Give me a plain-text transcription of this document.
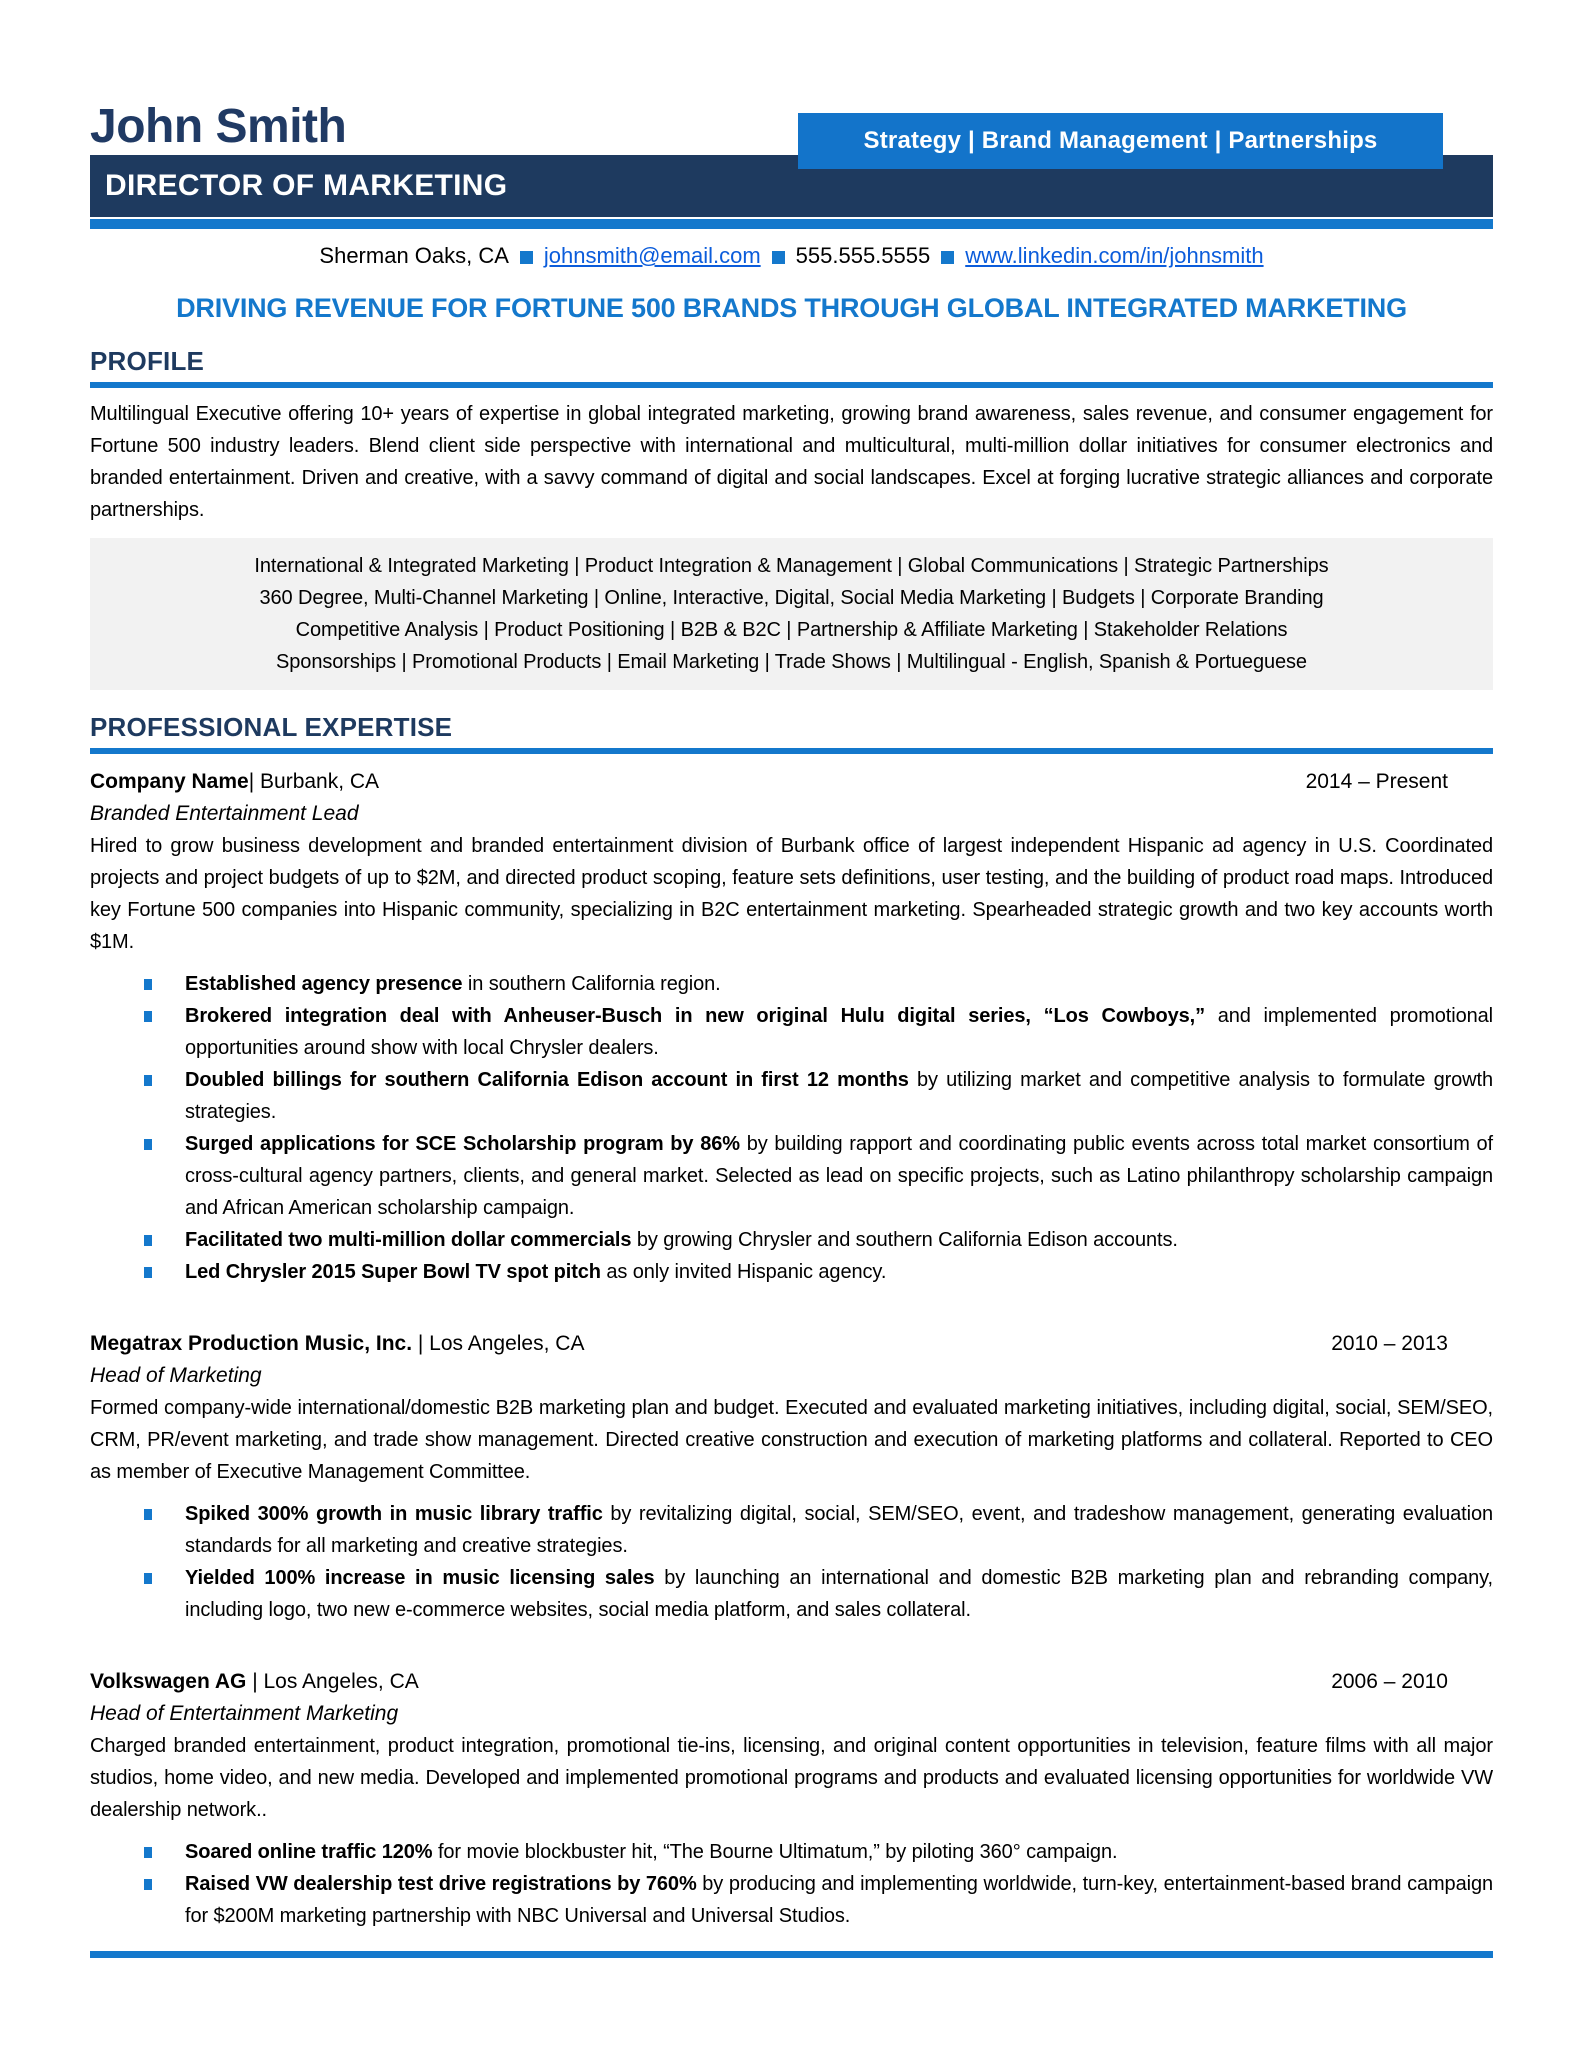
John Smith	Strategy | Brand Management | Partnerships
DIRECTOR OF MARKETING
Sherman Oaks, CA johnsmith@email.com 555.555.5555 www.linkedin.com/in/johnsmith
DRIVING REVENUE FOR FORTUNE 500 BRANDS THROUGH GLOBAL INTEGRATED MARKETING
PROFILE
Multilingual Executive offering 10+ years of expertise in global integrated marketing, growing brand awareness, sales revenue, and consumer engagement for Fortune 500 industry leaders. Blend client side perspective with international and multicultural, multi-million dollar initiatives for consumer electronics and branded entertainment. Driven and creative, with a savvy command of digital and social landscapes. Excel at forging lucrative strategic alliances and corporate partnerships.
International & Integrated Marketing | Product Integration & Management | Global Communications | Strategic Partnerships
360 Degree, Multi-Channel Marketing | Online, Interactive, Digital, Social Media Marketing | Budgets | Corporate Branding
Competitive Analysis | Product Positioning | B2B & B2C | Partnership & Affiliate Marketing | Stakeholder Relations
Sponsorships | Promotional Products | Email Marketing | Trade Shows | Multilingual - English, Spanish & Portueguese
PROFESSIONAL EXPERTISE
Company Name| Burbank, CA	2014 – Present
Branded Entertainment Lead
Hired to grow business development and branded entertainment division of Burbank office of largest independent Hispanic ad agency in U.S. Coordinated projects and project budgets of up to $2M, and directed product scoping, feature sets definitions, user testing, and the building of product road maps. Introduced key Fortune 500 companies into Hispanic community, specializing in B2C entertainment marketing. Spearheaded strategic growth and two key accounts worth $1M.
Established agency presence in southern California region.
Brokered integration deal with Anheuser-Busch in new original Hulu digital series, “Los Cowboys,” and implemented promotional opportunities around show with local Chrysler dealers.
Doubled billings for southern California Edison account in first 12 months by utilizing market and competitive analysis to formulate growth strategies.
Surged applications for SCE Scholarship program by 86% by building rapport and coordinating public events across total market consortium of cross-cultural agency partners, clients, and general market. Selected as lead on specific projects, such as Latino philanthropy scholarship campaign and African American scholarship campaign.
Facilitated two multi-million dollar commercials by growing Chrysler and southern California Edison accounts.
Led Chrysler 2015 Super Bowl TV spot pitch as only invited Hispanic agency.
Megatrax Production Music, Inc. | Los Angeles, CA	2010 – 2013
Head of Marketing
Formed company-wide international/domestic B2B marketing plan and budget. Executed and evaluated marketing initiatives, including digital, social, SEM/SEO, CRM, PR/event marketing, and trade show management. Directed creative construction and execution of marketing platforms and collateral. Reported to CEO as member of Executive Management Committee.
Spiked 300% growth in music library traffic by revitalizing digital, social, SEM/SEO, event, and tradeshow management, generating evaluation standards for all marketing and creative strategies.
Yielded 100% increase in music licensing sales by launching an international and domestic B2B marketing plan and rebranding company, including logo, two new e-commerce websites, social media platform, and sales collateral.
Volkswagen AG | Los Angeles, CA	2006 – 2010
Head of Entertainment Marketing
Charged branded entertainment, product integration, promotional tie-ins, licensing, and original content opportunities in television, feature films with all major studios, home video, and new media. Developed and implemented promotional programs and products and evaluated licensing opportunities for worldwide VW dealership network..
Soared online traffic 120% for movie blockbuster hit, “The Bourne Ultimatum,” by piloting 360° campaign.
Raised VW dealership test drive registrations by 760% by producing and implementing worldwide, turn-key, entertainment-based brand campaign for $200M marketing partnership with NBC Universal and Universal Studios.
